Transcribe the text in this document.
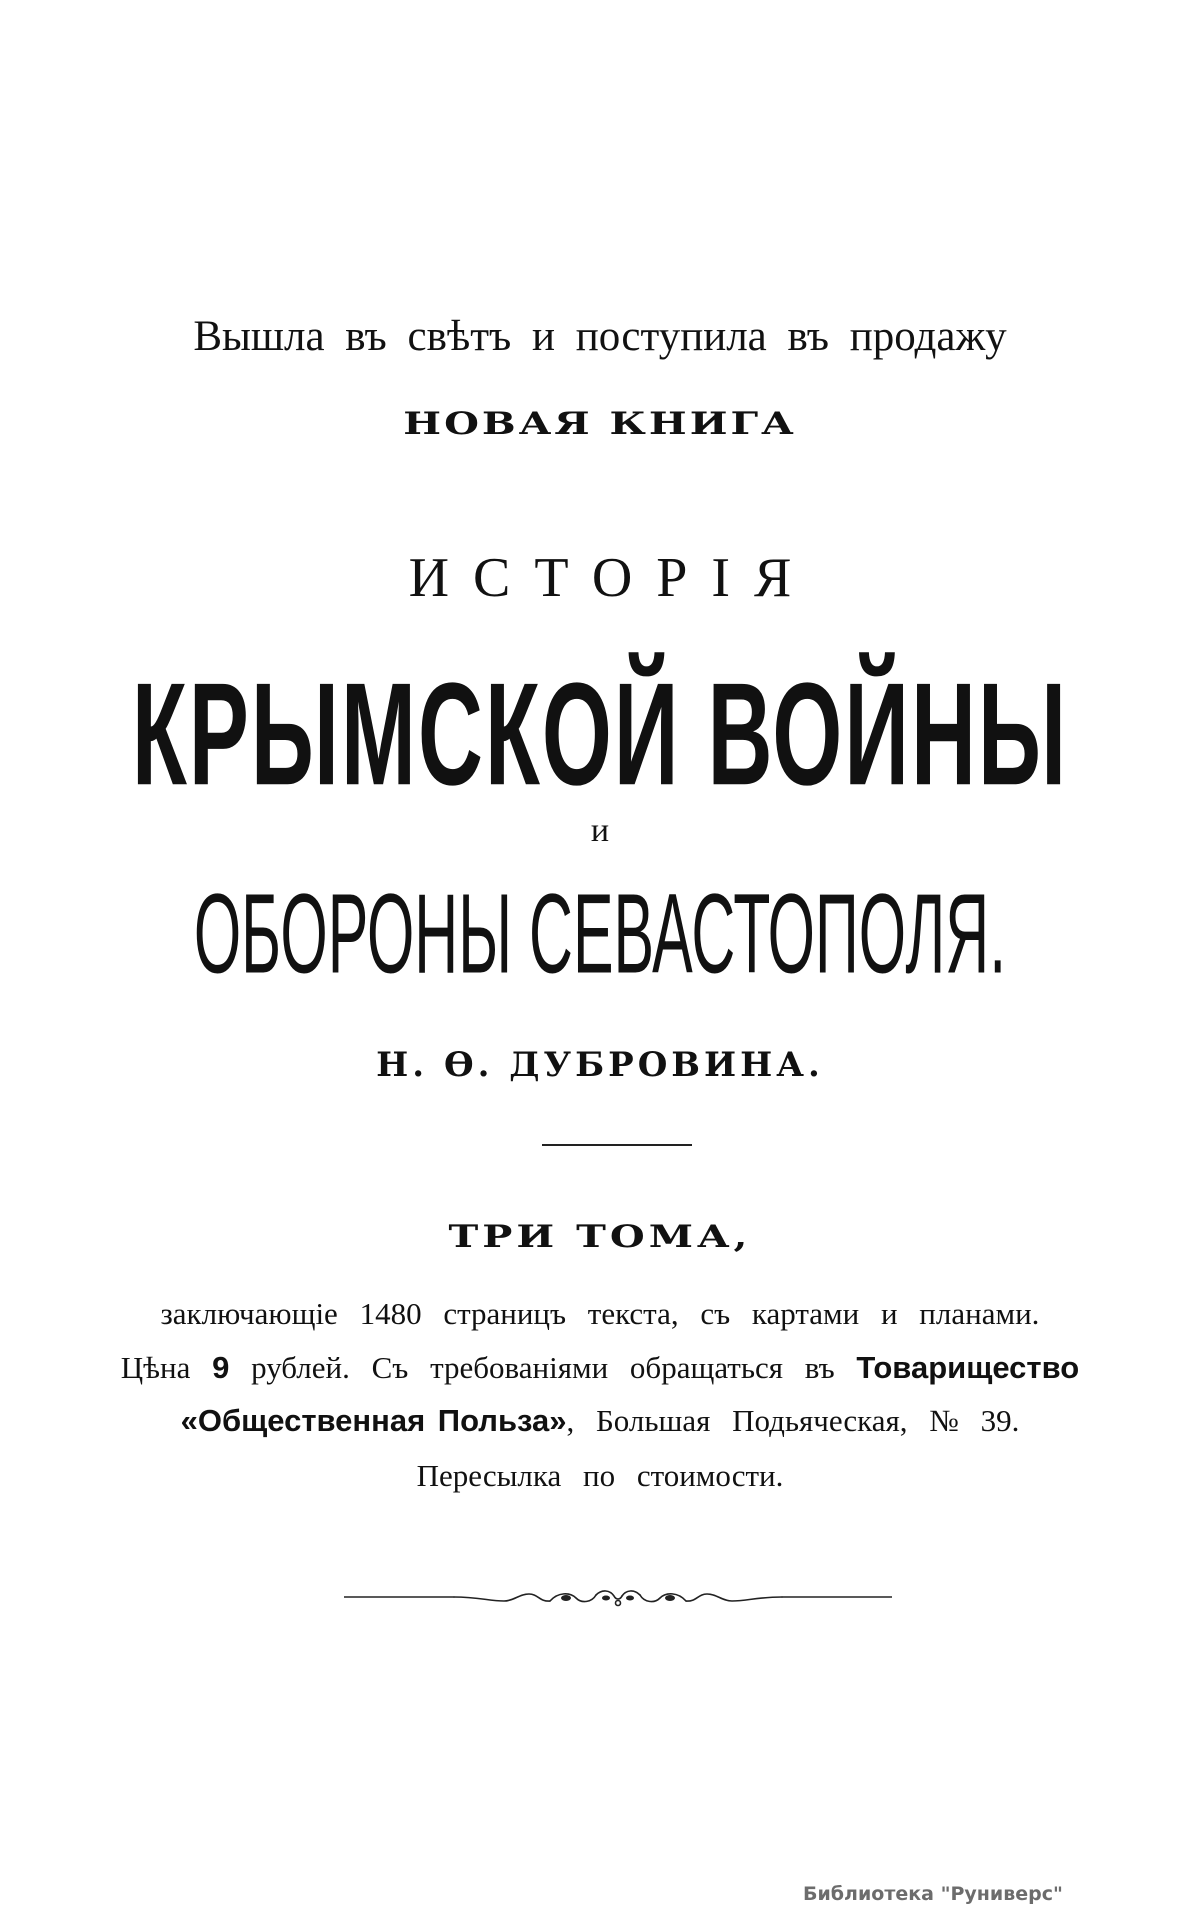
Вышла въ свѣтъ и поступила въ продажу
НОВАЯ КНИГА
ИСТОРІЯ
КРЫМСКОЙ ВОЙНЫ
и
ОБОРОНЫ СЕВАСТОПОЛЯ.
Н. Ѳ. ДУБРОВИНА.
ТРИ ТОМА,
заключающіе 1480 страницъ текста, съ картами и планами.
Цѣна 9 рублей. Съ требованіями обращаться въ Товарищество
«Общественная Польза», Большая Подьяческая, № 39.
Пересылка по стоимости.
Библиотека "Руниверс"
